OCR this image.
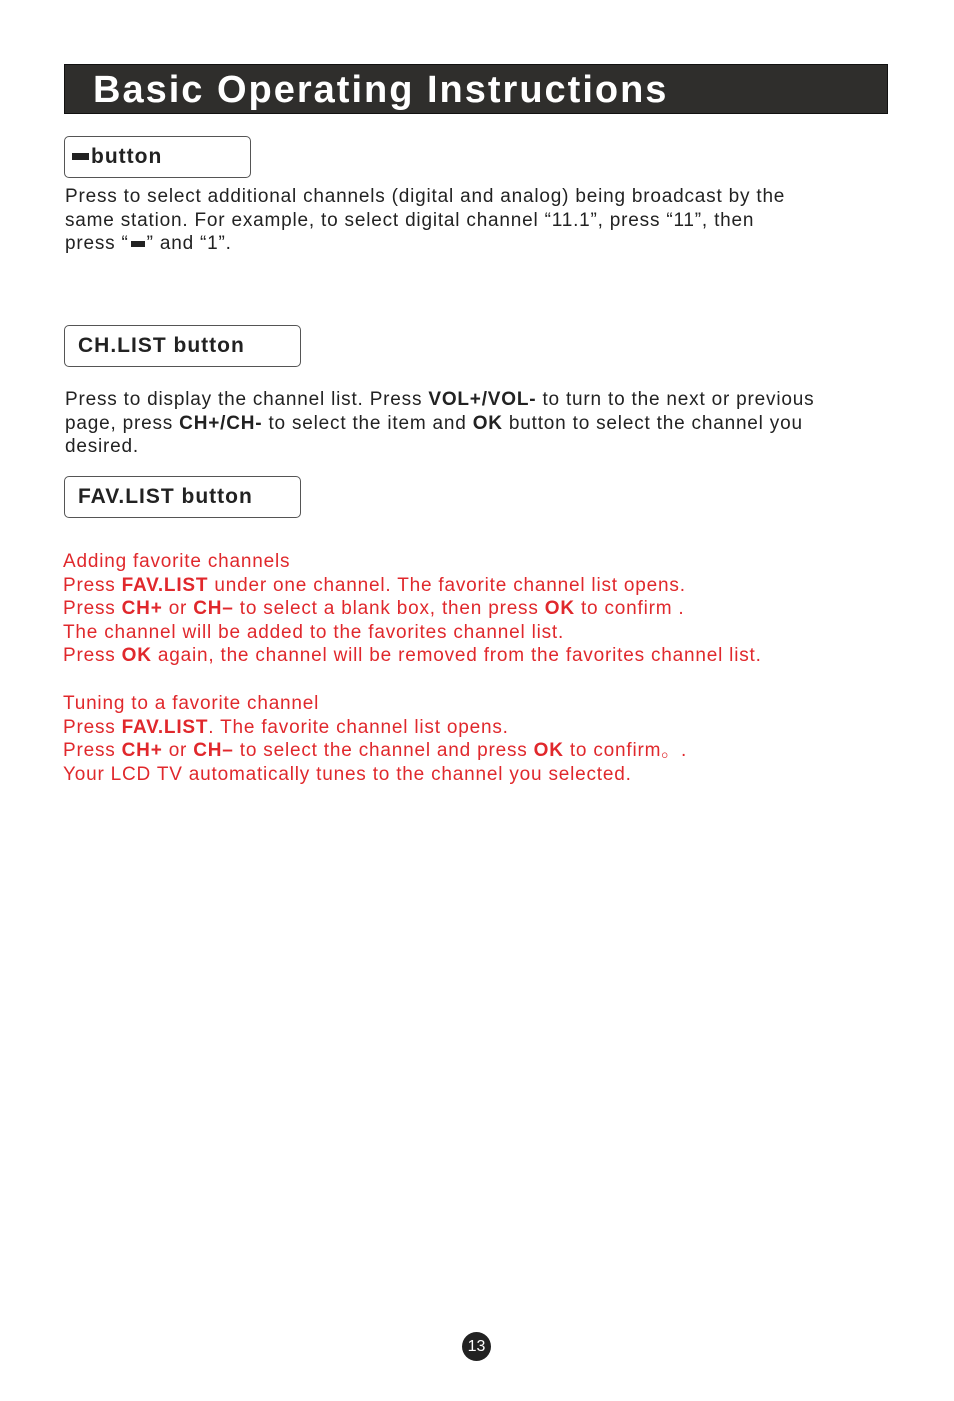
Basic Operating Instructions
button
Press to select additional channels (digital and analog) being broadcast by the
same station. For example, to select digital channel “11.1”, press “11”, then
press “ ” and “1”.
CH.LIST button
Press to display the channel list. Press VOL+/VOL- to turn to the next or previous
page, press CH+/CH- to select the item and OK button to select the channel you
desired.
FAV.LIST button
Adding favorite channels
Press FAV.LIST under one channel. The favorite channel list opens.
Press CH+ or CH– to select a blank box, then press OK to confirm .
The channel will be added to the favorites channel list.
Press OK again, the channel will be removed from the favorites channel list.
Tuning to a favorite channel
Press FAV.LIST. The favorite channel list opens.
Press CH+ or CH– to select the channel and press OK to confirm。.
Your LCD TV automatically tunes to the channel you selected.
13
